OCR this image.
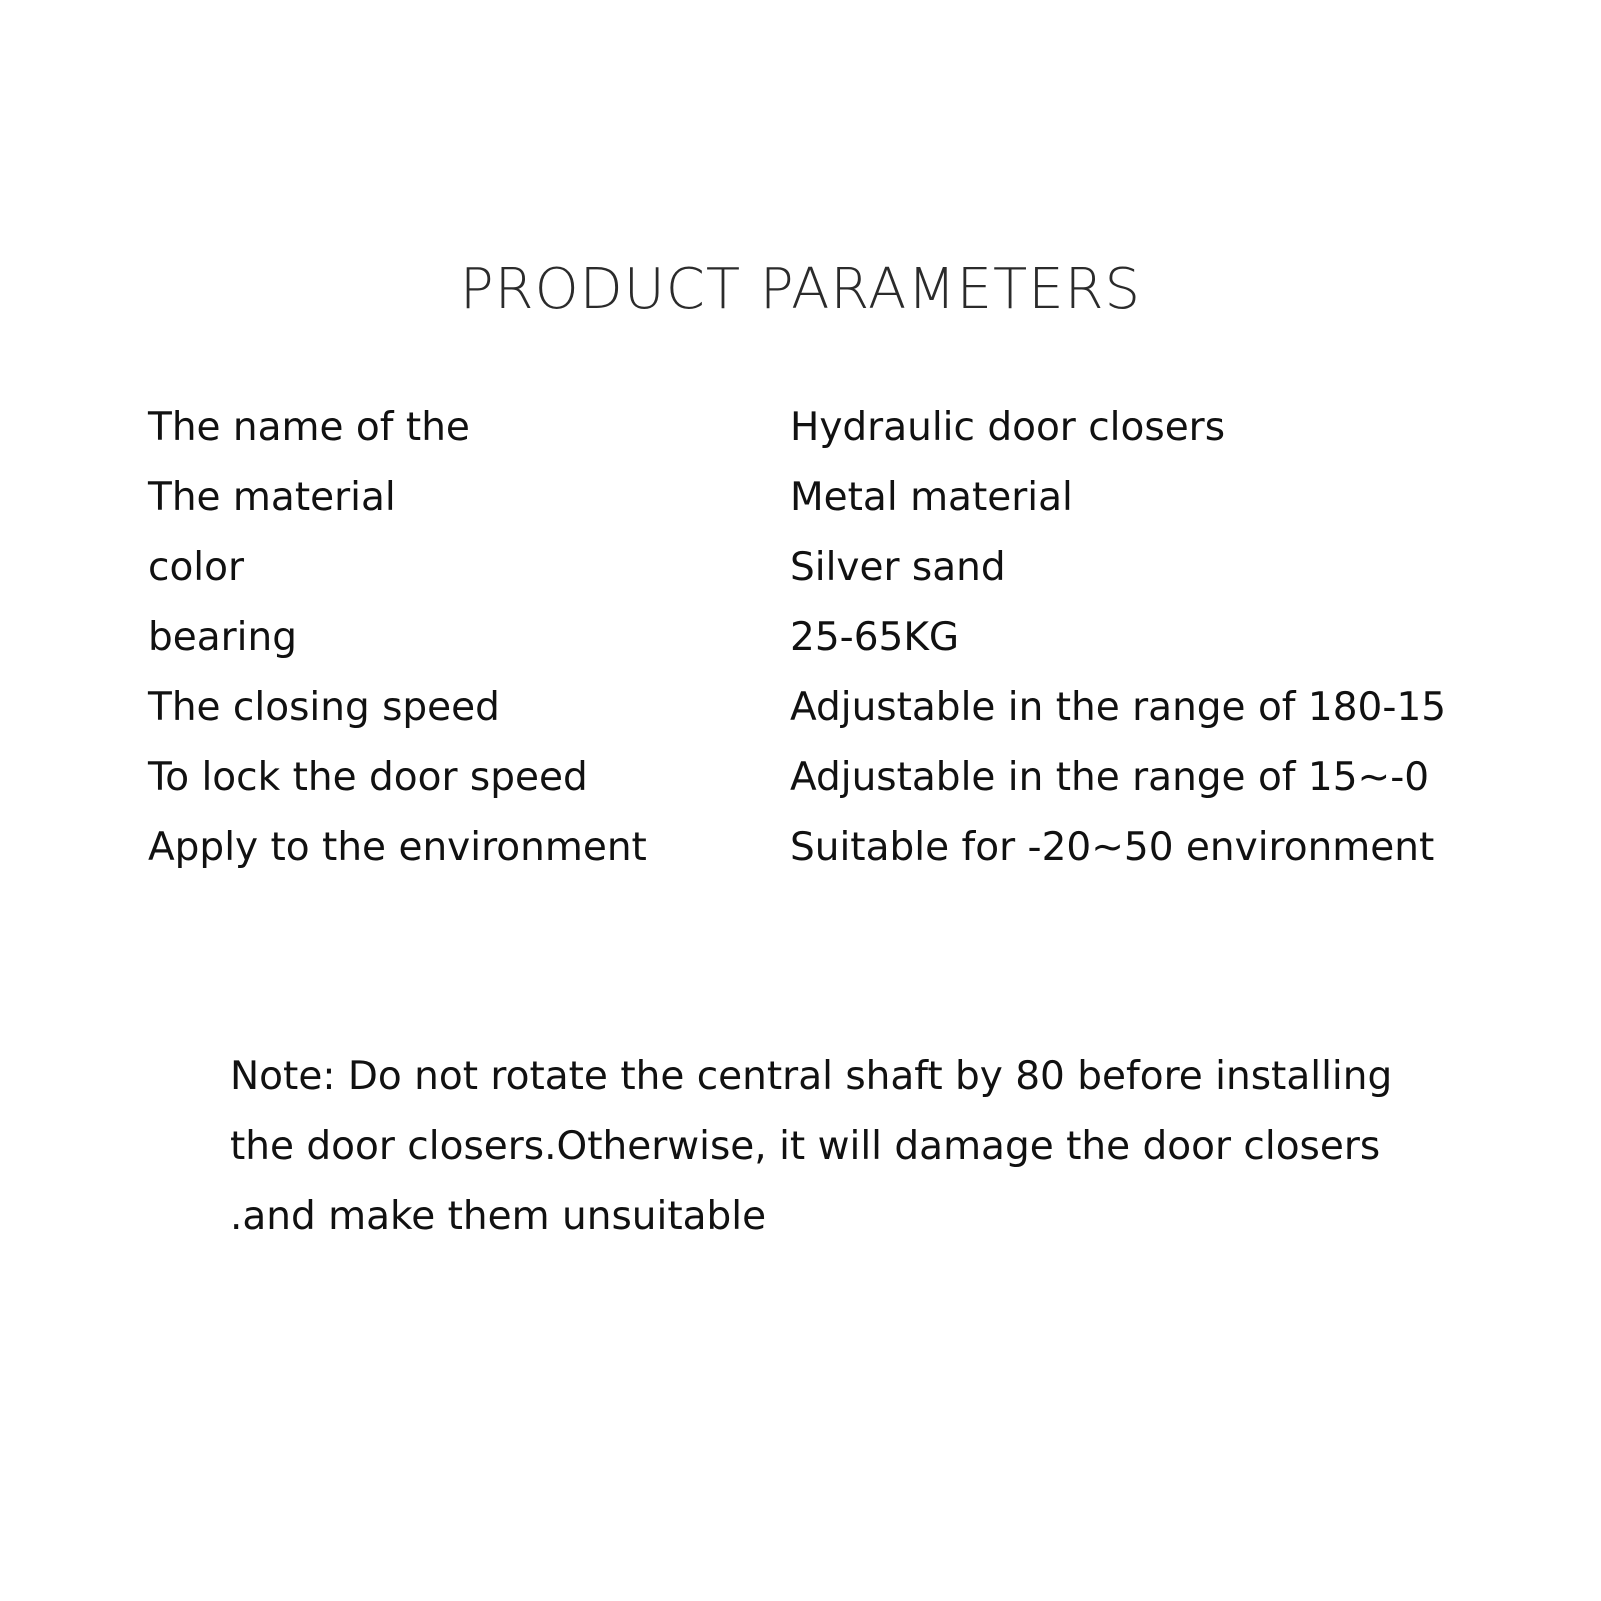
PRODUCT PARAMETERS
The name of the	Hydraulic door closers
The material	Metal material
color	Silver sand
bearing	25-65KG
The closing speed	Adjustable in the range of 180-15
To lock the door speed	Adjustable in the range of 15~-0
Apply to the environment	Suitable for -20~50 environment
Note: Do not rotate the central shaft by 80 before installing
the door closers.Otherwise, it will damage the door closers
.and make them unsuitable
